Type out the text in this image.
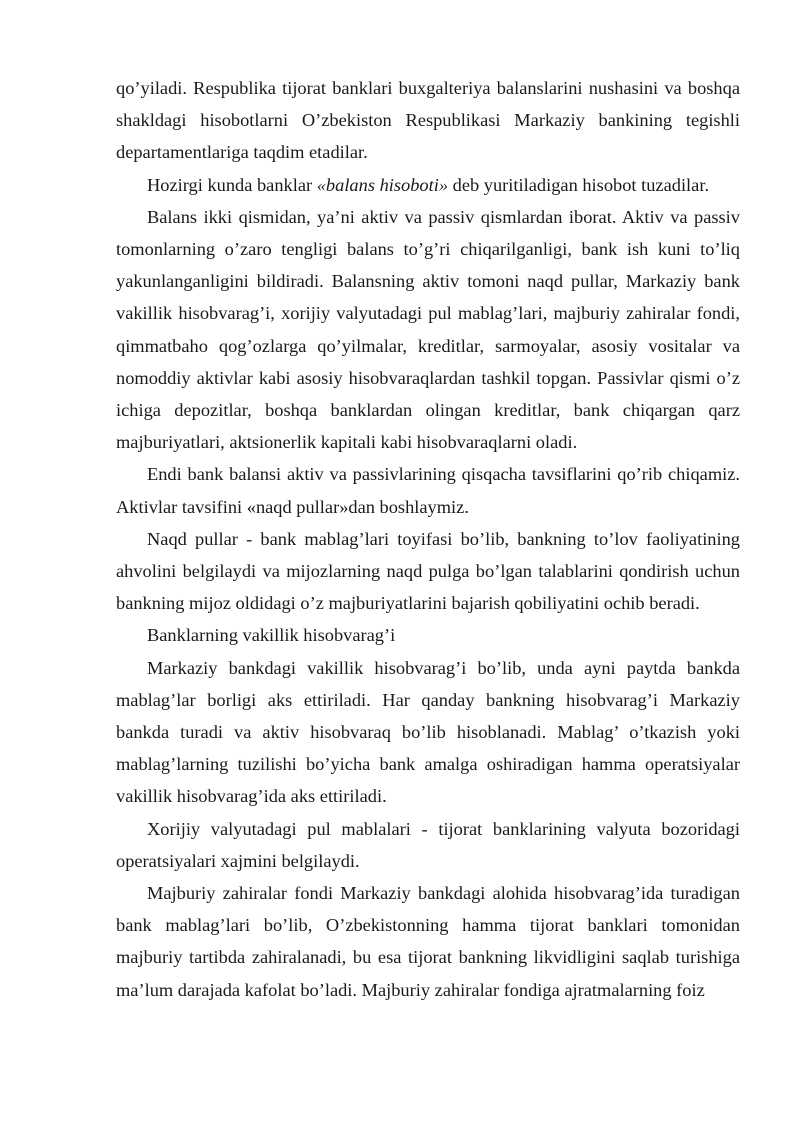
qo’yiladi. Respublika tijorat banklari buxgalteriya balanslarini nushasini va boshqa shakldagi hisobotlarni O’zbekiston Respublikasi Markaziy bankining tegishli departamentlariga taqdim etadilar.

Hozirgi kunda banklar «balans hisoboti» deb yuritiladigan hisobot tuzadilar.

Balans ikki qismidan, ya’ni aktiv va passiv qismlardan iborat. Aktiv va passiv tomonlarning o’zaro tengligi balans to’g’ri chiqarilganligi, bank ish kuni to’liq yakunlanganligini bildiradi. Balansning aktiv tomoni naqd pullar, Markaziy bank vakillik hisobvarag’i, xorijiy valyutadagi pul mablag’lari, majburiy zahiralar fondi, qimmatbaho qog’ozlarga qo’yilmalar, kreditlar, sarmoyalar, asosiy vositalar va nomoddiy aktivlar kabi asosiy hisobvaraqlardan tashkil topgan. Passivlar qismi o’z ichiga depozitlar, boshqa banklardan olingan kreditlar, bank chiqargan qarz majburiyatlari, aktsionerlik kapitali kabi hisobvaraqlarni oladi.

Endi bank balansi aktiv va passivlarining qisqacha tavsiflarini qo’rib chiqamiz. Aktivlar tavsifini «naqd pullar»dan boshlaymiz.

Naqd pullar - bank mablag’lari toyifasi bo’lib, bankning to’lov faoliyatining ahvolini belgilaydi va mijozlarning naqd pulga bo’lgan talablarini qondirish uchun bankning mijoz oldidagi o’z majburiyatlarini bajarish qobiliyatini ochib beradi.

Banklarning vakillik hisobvarag’i

Markaziy bankdagi vakillik hisobvarag’i bo’lib, unda ayni paytda bankda mablag’lar borligi aks ettiriladi. Har qanday bankning hisobvarag’i Markaziy bankda turadi va aktiv hisobvaraq bo’lib hisoblanadi. Mablag’ o’tkazish yoki mablag’larning tuzilishi bo’yicha bank amalga oshiradigan hamma operatsiyalar vakillik hisobvarag’ida aks ettiriladi.

Xorijiy valyutadagi pul mablalari - tijorat banklarining valyuta bozoridagi operatsiyalari xajmini belgilaydi.

Majburiy zahiralar fondi Markaziy bankdagi alohida hisobvarag’ida turadigan bank mablag’lari bo’lib, O’zbekistonning hamma tijorat banklari tomonidan majburiy tartibda zahiralanadi, bu esa tijorat bankning likvidligini saqlab turishiga ma’lum darajada kafolat bo’ladi. Majburiy zahiralar fondiga ajratmalarning foiz
